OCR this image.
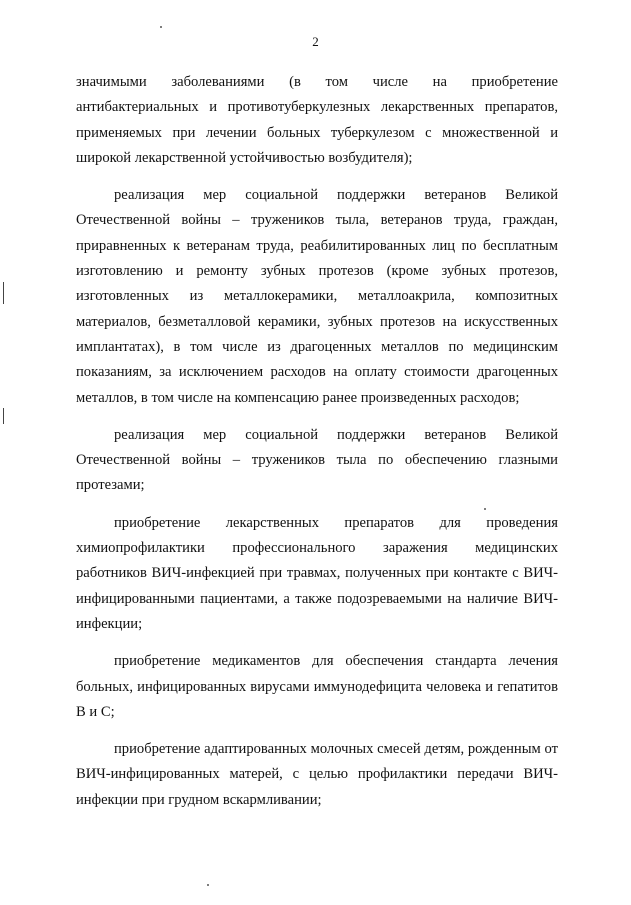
2

значимыми заболеваниями (в том числе на приобретение антибактериальных и противотуберкулезных лекарственных препаратов, применяемых при лечении больных туберкулезом с множественной и широкой лекарственной устойчивостью возбудителя);

реализация мер социальной поддержки ветеранов Великой Отечественной войны – тружеников тыла, ветеранов труда, граждан, приравненных к ветеранам труда, реабилитированных лиц по бесплатным изготовлению и ремонту зубных протезов (кроме зубных протезов, изготовленных из металлокерамики, металлоакрила, композитных материалов, безметалловой керамики, зубных протезов на искусственных имплантатах), в том числе из драгоценных металлов по медицинским показаниям, за исключением расходов на оплату стоимости драгоценных металлов, в том числе на компенсацию ранее произведенных расходов;

реализация мер социальной поддержки ветеранов Великой Отечественной войны – тружеников тыла по обеспечению глазными протезами;

приобретение лекарственных препаратов для проведения химиопрофилактики профессионального заражения медицинских работников ВИЧ-инфекцией при травмах, полученных при контакте с ВИЧ-инфицированными пациентами, а также подозреваемыми на наличие ВИЧ-инфекции;

приобретение медикаментов для обеспечения стандарта лечения больных, инфицированных вирусами иммунодефицита человека и гепатитов В и С;

приобретение адаптированных молочных смесей детям, рожденным от ВИЧ-инфицированных матерей, с целью профилактики передачи ВИЧ-инфекции при грудном вскармливании;
